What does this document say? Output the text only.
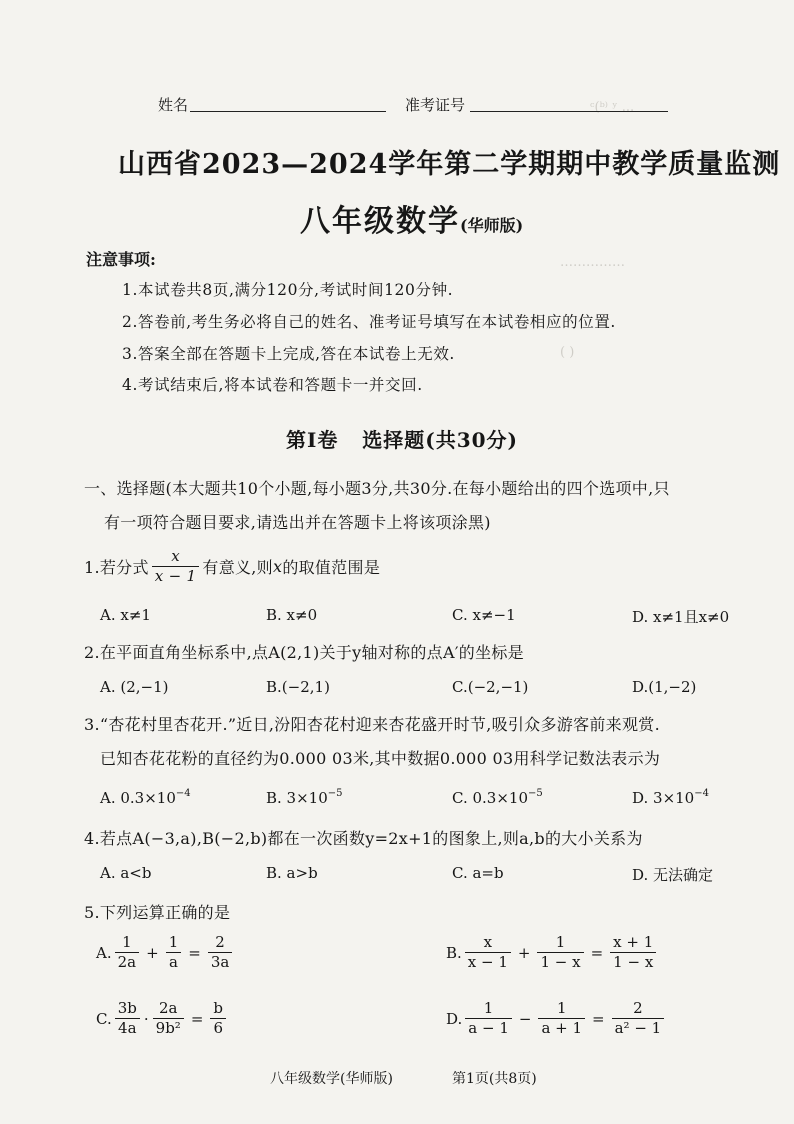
ᶜ(ᵇ⁾ ʸ ...
……………
( )
姓名	准考证号
山西省2023—2024学年第二学期期中教学质量监测
八年级数学(华师版)
注意事项:
1.本试卷共8页,满分120分,考试时间120分钟.
2.答卷前,考生务必将自己的姓名、准考证号填写在本试卷相应的位置.
3.答案全部在答题卡上完成,答在本试卷上无效.
4.考试结束后,将本试卷和答题卡一并交回.
第Ⅰ卷   选择题(共30分)
一、选择题(本大题共10个小题,每小题3分,共30分.在每小题给出的四个选项中,只
有一项符合题目要求,请选出并在答题卡上将该项涂黑)
1.若分式 $\frac{x}{x - 1}$ 有意义,则 x 的取值范围是
A. x≠1	B. x≠0	C. x≠−1	D. x≠1且x≠0
2.在平面直角坐标系中,点A(2,1)关于y轴对称的点A′的坐标是
A. (2,−1)	B.(−2,1)	C.(−2,−1)	D.(1,−2)
3.“杏花村里杏花开.”近日,汾阳杏花村迎来杏花盛开时节,吸引众多游客前来观赏.
已知杏花花粉的直径约为0.000 03米,其中数据0.000 03用科学记数法表示为
A. $0.3\times 10^{-4}$	B. $3\times 10^{-5}$	C. $0.3\times 10^{-5}$	D. $3\times 10^{-4}$
4.若点A(−3,a),B(−2,b)都在一次函数y=2x+1的图象上,则a,b的大小关系为
A. a<b	B. a>b	C. a=b	D. 无法确定
5.下列运算正确的是
A. $\frac{1}{2a} + \frac{1}{a} = \frac{2}{3a}$	B. $\frac{x}{x - 1} + \frac{1}{1 - x} = \frac{x + 1}{1 - x}$
C. $\frac{3b}{4a} \cdot \frac{2a}{\text{9b²}} = \frac{b}{6}$	D. $\frac{1}{a - 1} - \frac{1}{a + 1} = \frac{2}{\text{a² − 1}}$
八年级数学(华师版)	第1页(共8页)
